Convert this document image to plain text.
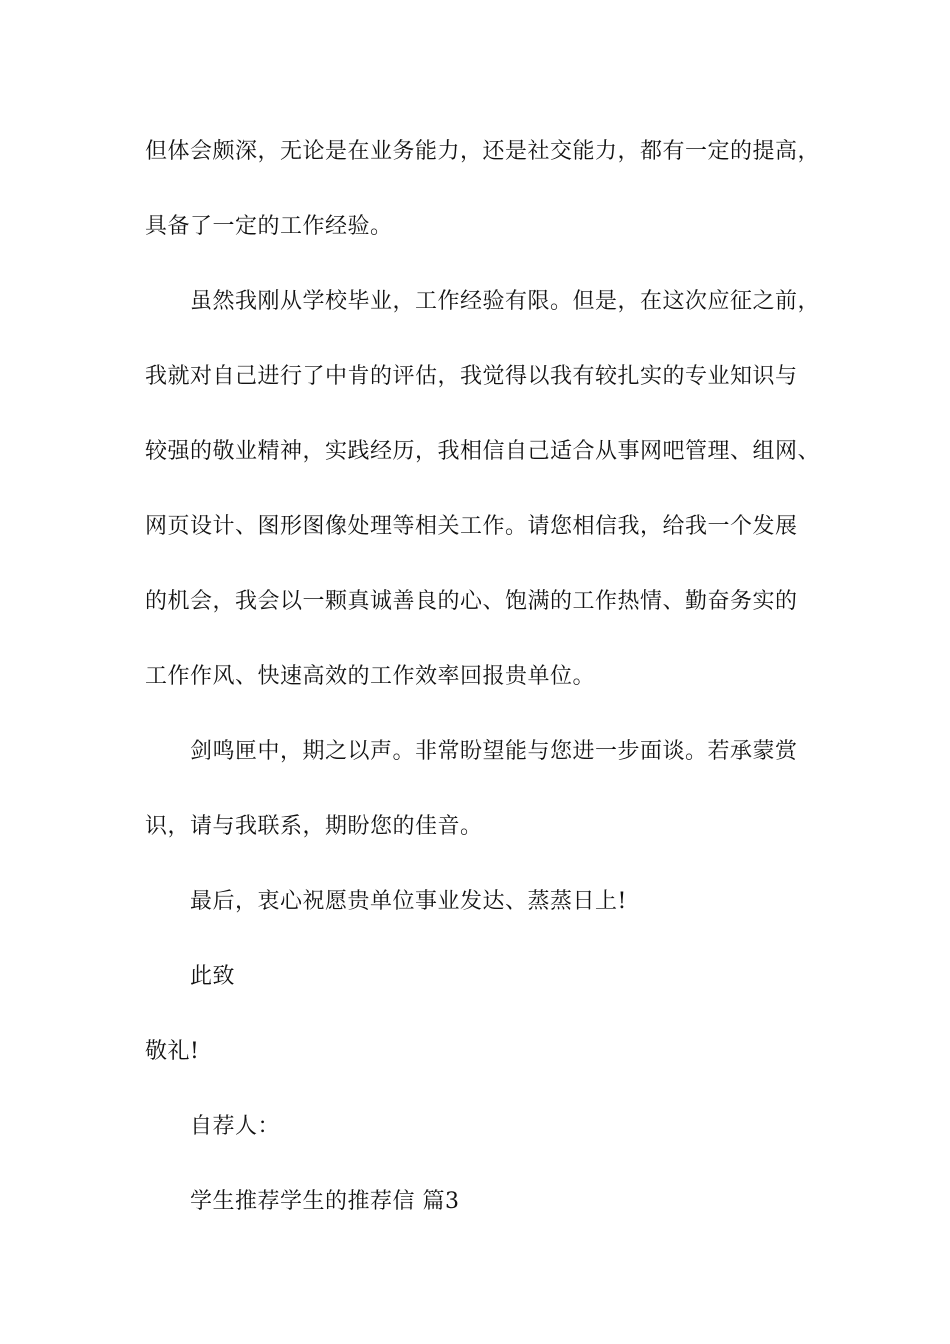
但体会颇深，无论是在业务能力，还是社交能力，都有一定的提高，
具备了一定的工作经验。
虽然我刚从学校毕业，工作经验有限。但是，在这次应征之前，
我就对自己进行了中肯的评估，我觉得以我有较扎实的专业知识与
较强的敬业精神，实践经历，我相信自己适合从事网吧管理、组网、
网页设计、图形图像处理等相关工作。请您相信我，给我一个发展
的机会，我会以一颗真诚善良的心、饱满的工作热情、勤奋务实的
工作作风、快速高效的工作效率回报贵单位。
剑鸣匣中，期之以声。非常盼望能与您进一步面谈。若承蒙赏
识，请与我联系，期盼您的佳音。
最后，衷心祝愿贵单位事业发达、蒸蒸日上!
此致
敬礼!
自荐人：
学生推荐学生的推荐信 篇3
